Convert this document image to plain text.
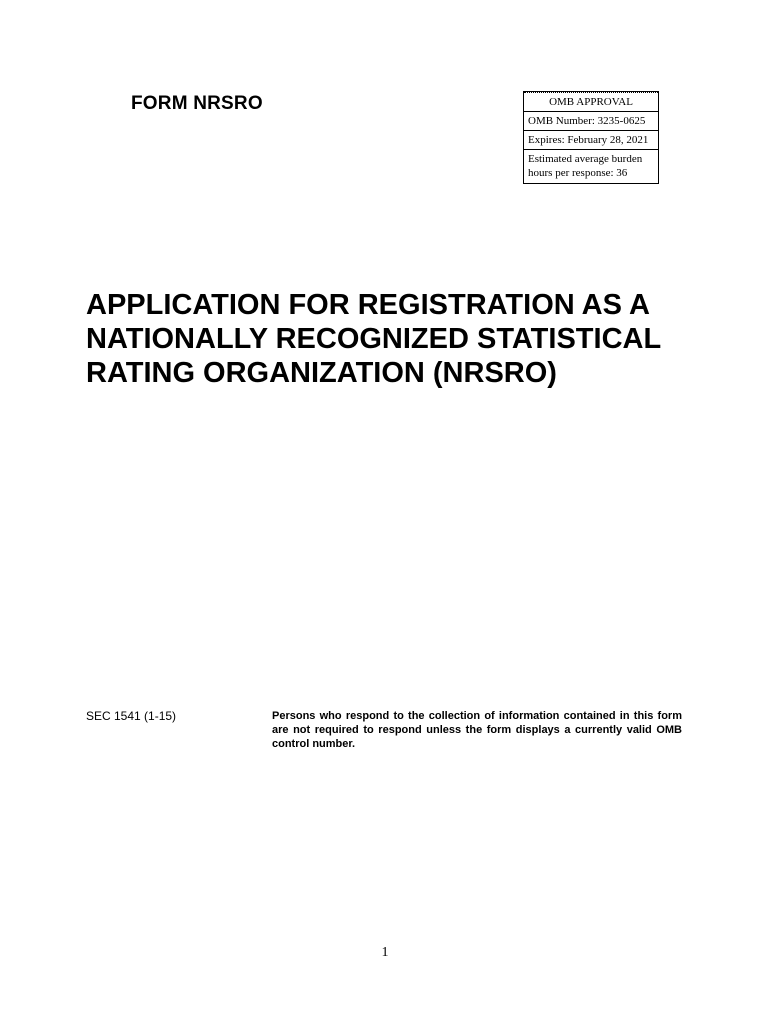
FORM NRSRO	OMB APPROVAL
OMB Number: 3235-0625
Expires: February 28, 2021
Estimated average burden
hours per response: 36
APPLICATION FOR REGISTRATION AS A
NATIONALLY RECOGNIZED STATISTICAL
RATING ORGANIZATION (NRSRO)
SEC 1541 (1-15)	Persons who respond to the collection of information contained in this form are not required to respond unless the form displays a currently valid OMB control number.
1
